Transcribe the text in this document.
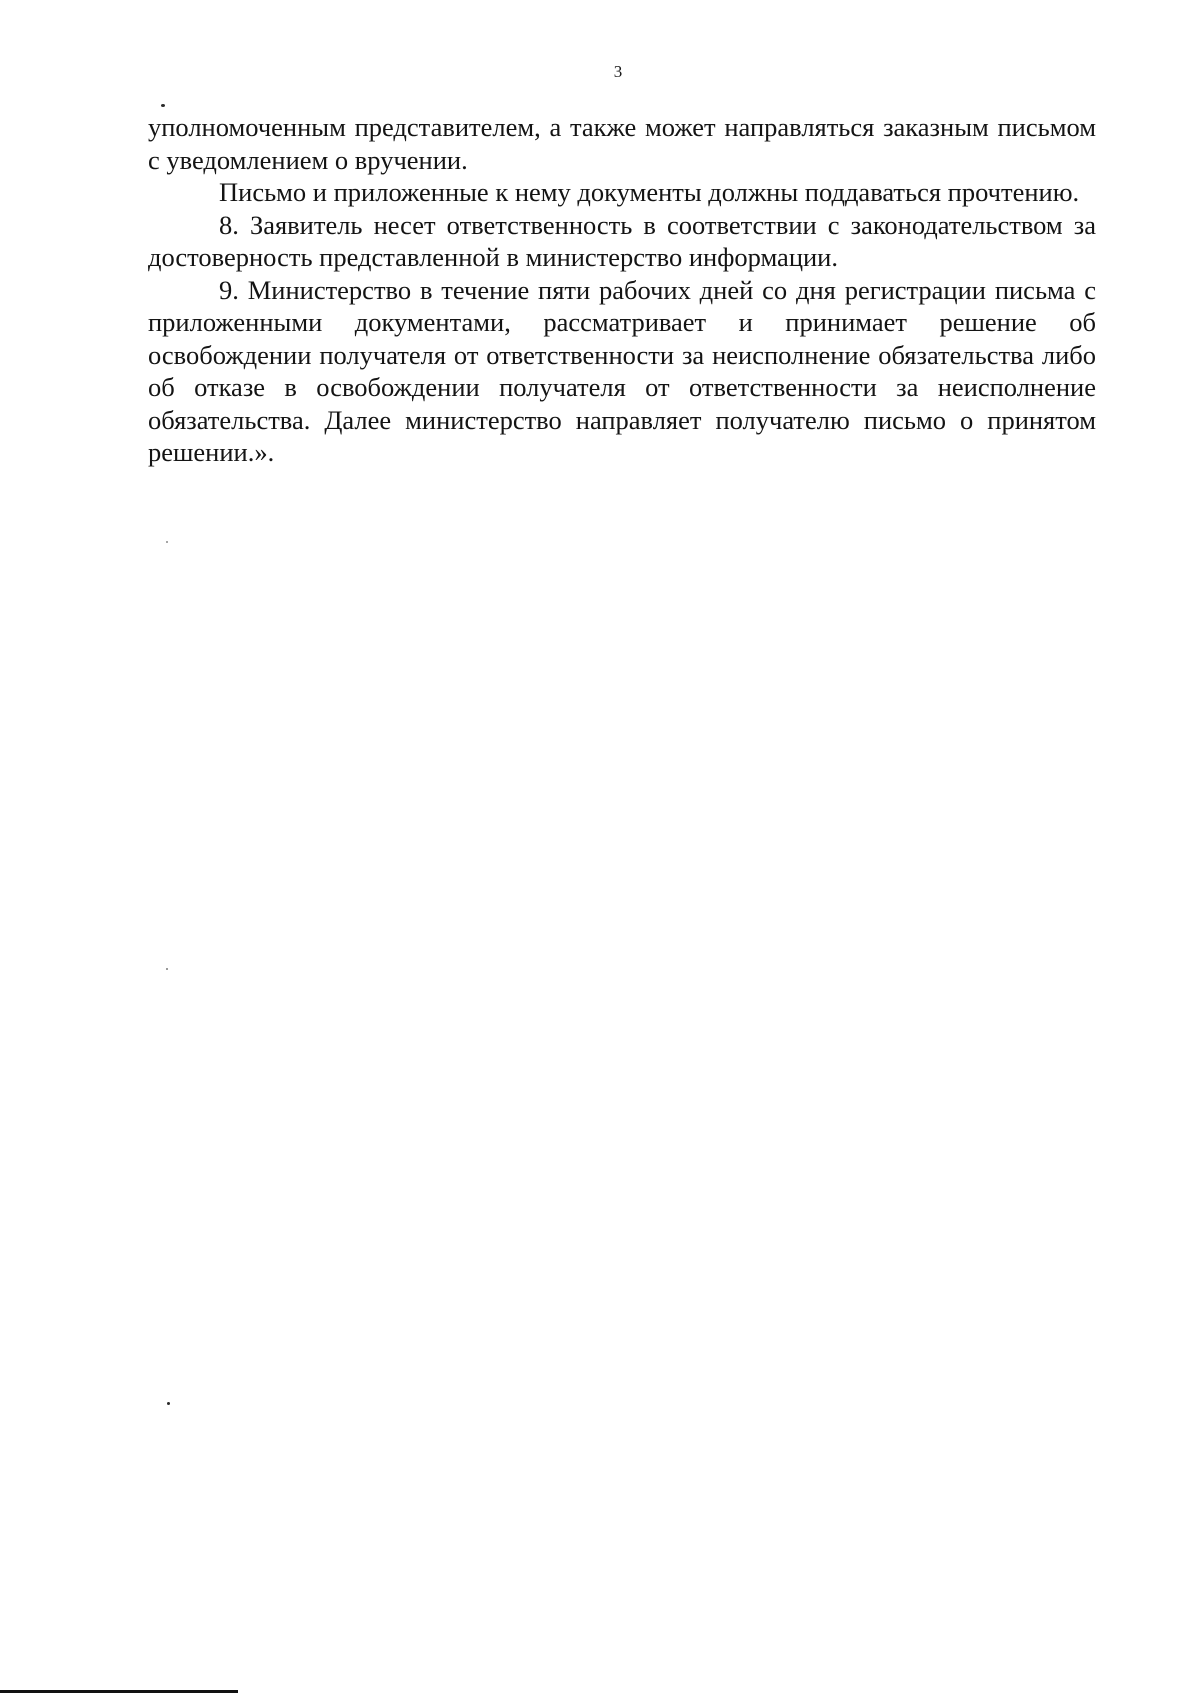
3

уполномоченным представителем, а также может направляться заказным письмом с уведомлением о вручении.

Письмо и приложенные к нему документы должны поддаваться прочтению.

8. Заявитель несет ответственность в соответствии с законодательством за достоверность представленной в министерство информации.

9. Министерство в течение пяти рабочих дней со дня регистрации письма с приложенными документами, рассматривает и принимает решение об освобождении получателя от ответственности за неисполнение обязательства либо об отказе в освобождении получателя от ответственности за неисполнение обязательства. Далее министерство направляет получателю письмо о принятом решении.».
